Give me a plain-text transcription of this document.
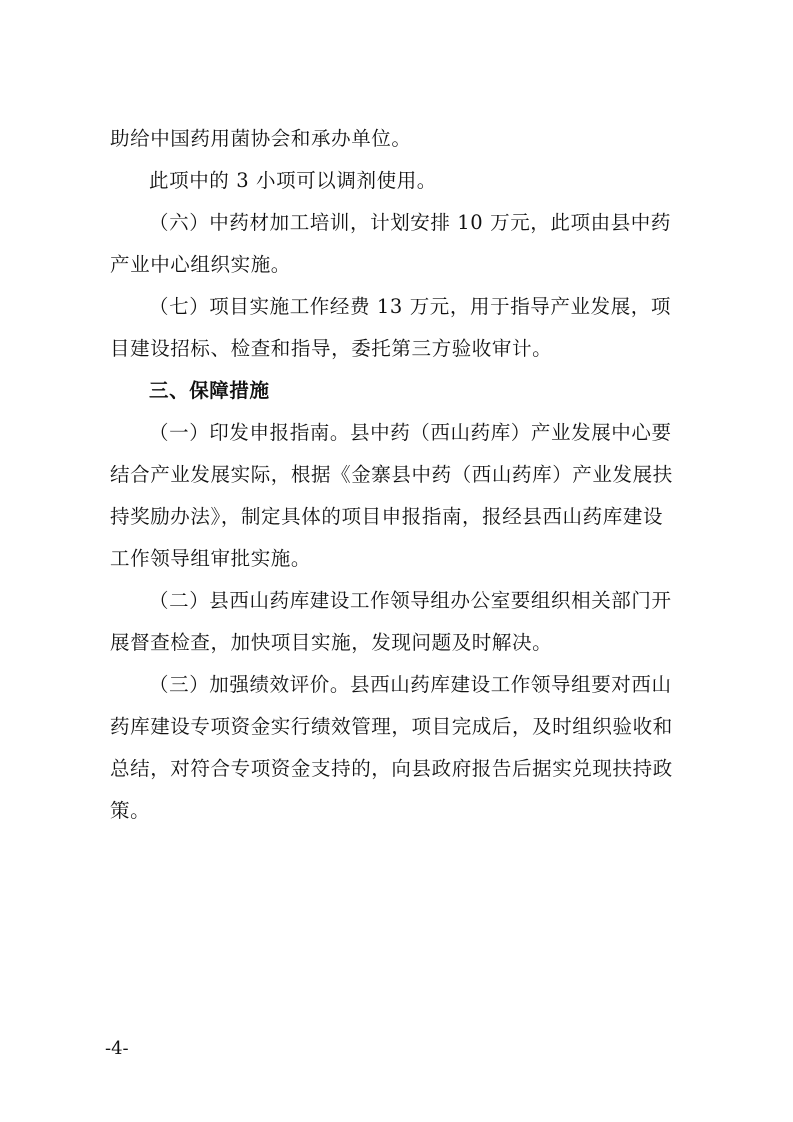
助给中国药用菌协会和承办单位。
此项中的 3 小项可以调剂使用。
（六）中药材加工培训，计划安排 10 万元，此项由县中药
产业中心组织实施。
（七）项目实施工作经费 13 万元，用于指导产业发展，项
目建设招标、检查和指导，委托第三方验收审计。
三、保障措施
（一）印发申报指南。县中药（西山药库）产业发展中心要
结合产业发展实际，根据《金寨县中药（西山药库）产业发展扶
持奖励办法》，制定具体的项目申报指南，报经县西山药库建设
工作领导组审批实施。
（二）县西山药库建设工作领导组办公室要组织相关部门开
展督查检查，加快项目实施，发现问题及时解决。
（三）加强绩效评价。县西山药库建设工作领导组要对西山
药库建设专项资金实行绩效管理，项目完成后，及时组织验收和
总结，对符合专项资金支持的，向县政府报告后据实兑现扶持政
策。
-4-
